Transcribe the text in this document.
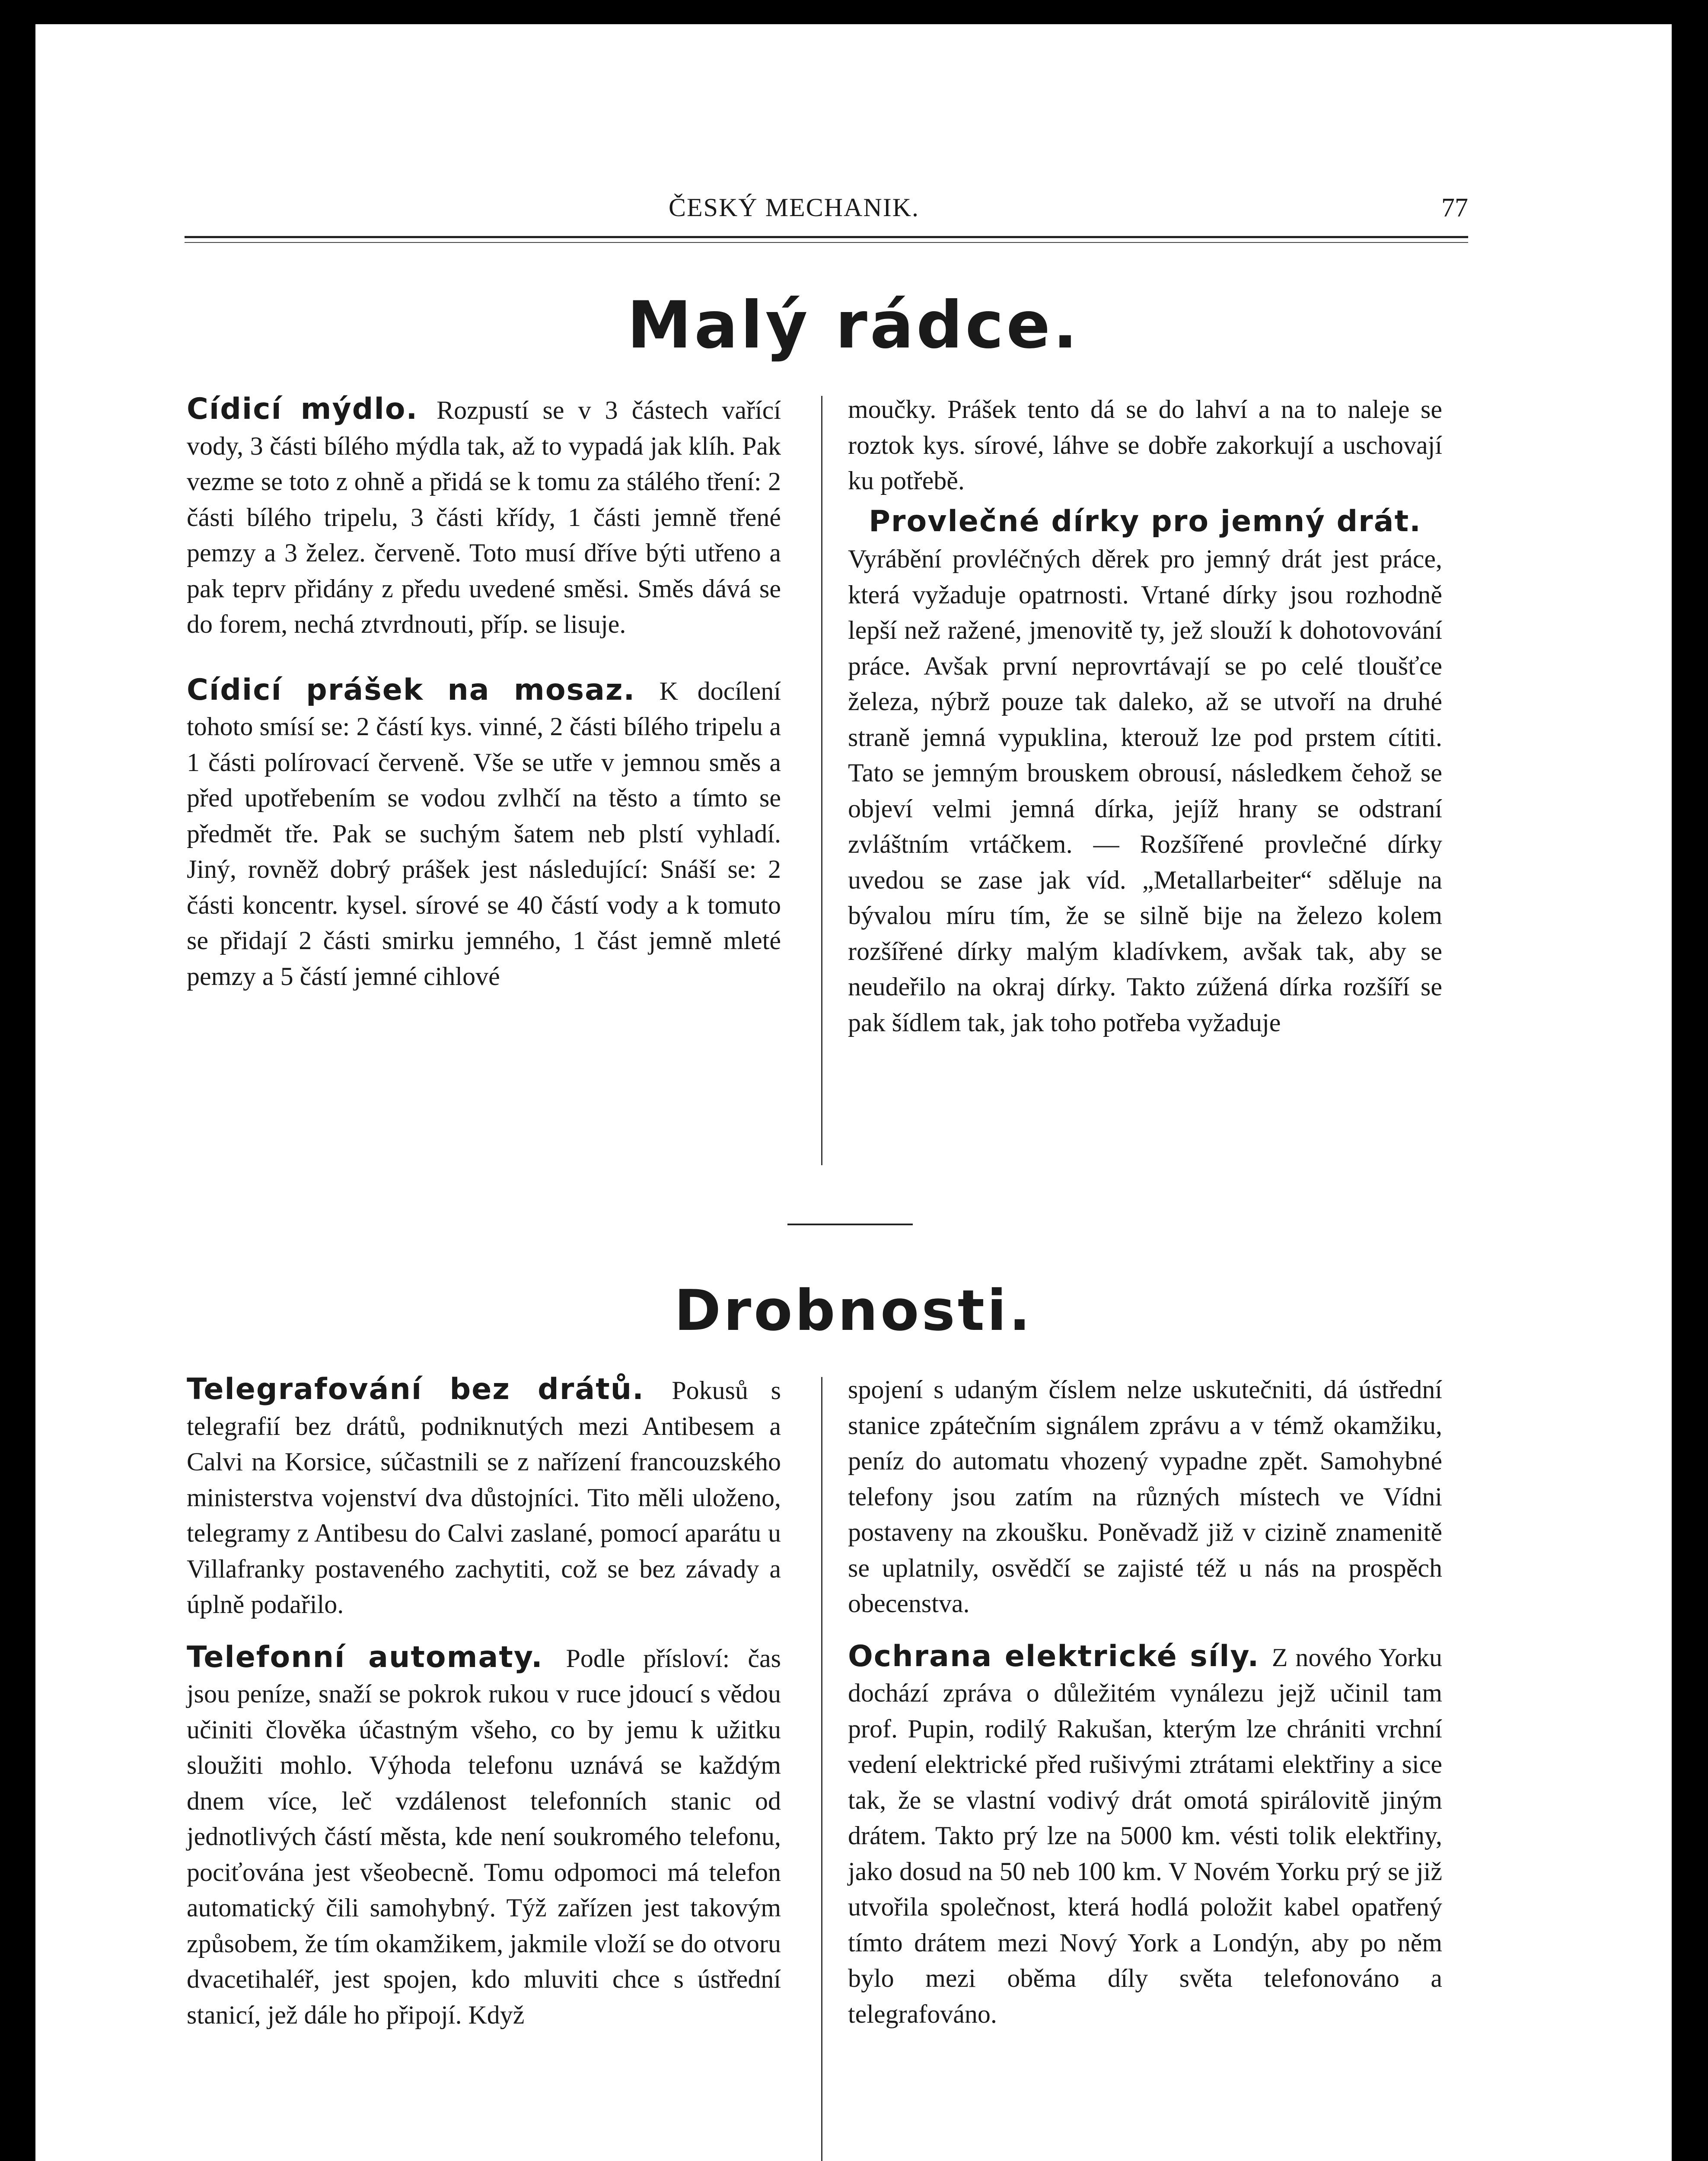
ČESKÝ MECHANIK.	77
Malý rádce.

Cídicí mýdlo. Rozpustí se v 3 částech vařící vody, 3 části bílého mýdla tak, až to vypadá jak klíh. Pak vezme se toto z ohně a přidá se k tomu za stálého tření: 2 části bílého tripelu, 3 části křídy, 1 části jemně třené pemzy a 3 želez. červeně. Toto musí dříve býti utřeno a pak teprv přidány z předu uvedené směsi. Směs dává se do forem, nechá ztvrdnouti, příp. se lisuje.

Cídicí prášek na mosaz. K docílení tohoto smísí se: 2 částí kys. vinné, 2 části bílého tripelu a 1 části polírovací červeně. Vše se utře v jemnou směs a před upotřebením se vodou zvlhčí na těsto a tímto se předmět tře. Pak se suchým šatem neb plstí vyhladí. Jiný, rovněž dobrý prášek jest následující: Snáší se: 2 části koncentr. kysel. sírové se 40 částí vody a k tomuto se přidají 2 části smirku jemného, 1 část jemně mleté pemzy a 5 částí jemné cihlové

moučky. Prášek tento dá se do lahví a na to naleje se roztok kys. sírové, láhve se dobře zakorkují a uschovají ku potřebě.

Provlečné dírky pro jemný drát.

Vyrábění provléčných děrek pro jemný drát jest práce, která vyžaduje opatrnosti. Vrtané dírky jsou rozhodně lepší než ražené, jmenovitě ty, jež slouží k dohotovování práce. Avšak první neprovrtávají se po celé tloušťce železa, nýbrž pouze tak daleko, až se utvoří na druhé straně jemná vypuklina, kterouž lze pod prstem cítiti. Tato se jemným brouskem obrousí, následkem čehož se objeví velmi jemná dírka, jejíž hrany se odstraní zvláštním vrtáčkem. — Rozšířené provlečné dírky uvedou se zase jak víd. „Metallarbeiter“ sděluje na bývalou míru tím, že se silně bije na železo kolem rozšířené dírky malým kladívkem, avšak tak, aby se neudeřilo na okraj dírky. Takto zúžená dírka rozšíří se pak šídlem tak, jak toho potřeba vyžaduje

Drobnosti.

Telegrafování bez drátů. Pokusů s telegrafií bez drátů, podniknutých mezi Antibesem a Calvi na Korsice, súčastnili se z nařízení francouzského ministerstva vojenství dva důstojníci. Tito měli uloženo, telegramy z Antibesu do Calvi zaslané, pomocí aparátu u Villafranky postaveného zachytiti, což se bez závady a úplně podařilo.

Telefonní automaty. Podle přísloví: čas jsou peníze, snaží se pokrok rukou v ruce jdoucí s vědou učiniti člověka účastným všeho, co by jemu k užitku sloužiti mohlo. Výhoda telefonu uznává se každým dnem více, leč vzdálenost telefonních stanic od jednotlivých částí města, kde není soukromého telefonu, pociťována jest všeobecně. Tomu odpomoci má telefon automatický čili samohybný. Týž zařízen jest takovým způsobem, že tím okamžikem, jakmile vloží se do otvoru dvacetihaléř, jest spojen, kdo mluviti chce s ústřední stanicí, jež dále ho připojí. Když

spojení s udaným číslem nelze uskutečniti, dá ústřední stanice zpátečním signálem zprávu a v témž okamžiku, peníz do automatu vhozený vypadne zpět. Samohybné telefony jsou zatím na různých místech ve Vídni postaveny na zkoušku. Poněvadž již v cizině znamenitě se uplatnily, osvědčí se zajisté též u nás na prospěch obecenstva.

Ochrana elektrické síly. Z nového Yorku dochází zpráva o důležitém vynálezu jejž učinil tam prof. Pupin, rodilý Rakušan, kterým lze chrániti vrchní vedení elektrické před rušivými ztrátami elektřiny a sice tak, že se vlastní vodivý drát omotá spirálovitě jiným drátem. Takto prý lze na 5000 km. vésti tolik elektřiny, jako dosud na 50 neb 100 km. V Novém Yorku prý se již utvořila společnost, která hodlá položit kabel opatřený tímto drátem mezi Nový York a Londýn, aby po něm bylo mezi oběma díly světa telefonováno a telegrafováno.
